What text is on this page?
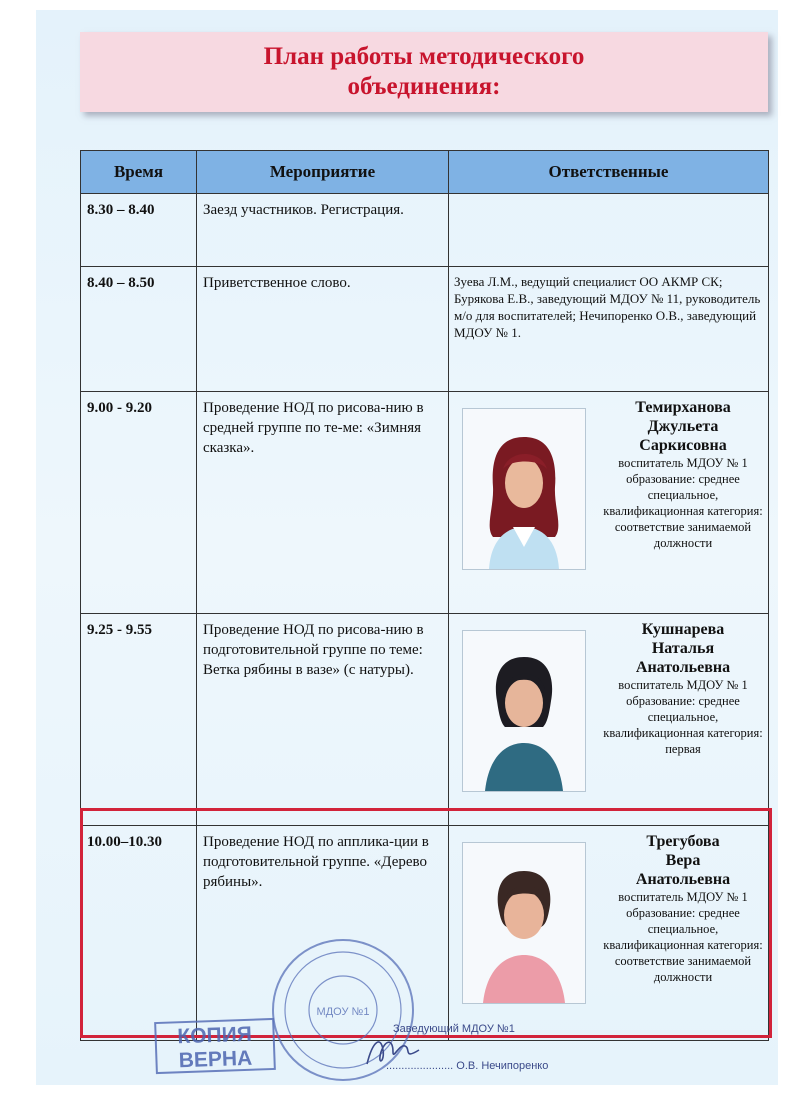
План работы методического
объединения:
Время	Мероприятие	Ответственные
8.30 – 8.40	Заезд участников. Регистрация.	
8.40 – 8.50	Приветственное слово.	Зуева Л.М., ведущий специалист ОО АКМР СК; Бурякова Е.В., заведующий МДОУ № 11, руководитель м/о для воспитателей; Нечипоренко О.В., заведующий МДОУ № 1.
9.00 - 9.20	Проведение НОД по рисова-нию в средней группе по те-ме: «Зимняя сказка».	Темирханова
Джульета
Саркисовна
воспитатель МДОУ № 1 образование: среднее специальное, квалификационная категория: соответствие занимаемой должности

9.25 - 9.55	Проведение НОД по рисова-нию в подготовительной группе по теме: Ветка рябины в вазе» (с натуры).	Кушнарева
Наталья
Анатольевна
воспитатель МДОУ № 1 образование: среднее специальное, квалификационная категория: первая

10.00–10.30	Проведение НОД по апплика-ции в подготовительной группе. «Дерево рябины».	Трегубова
Вера
Анатольевна
воспитатель МДОУ № 1 образование: среднее специальное, квалификационная категория: соответствие занимаемой должности
МДОУ №1
КОПИЯ
ВЕРНА
Заведующий МДОУ №1
...................... О.В. Нечипоренко
